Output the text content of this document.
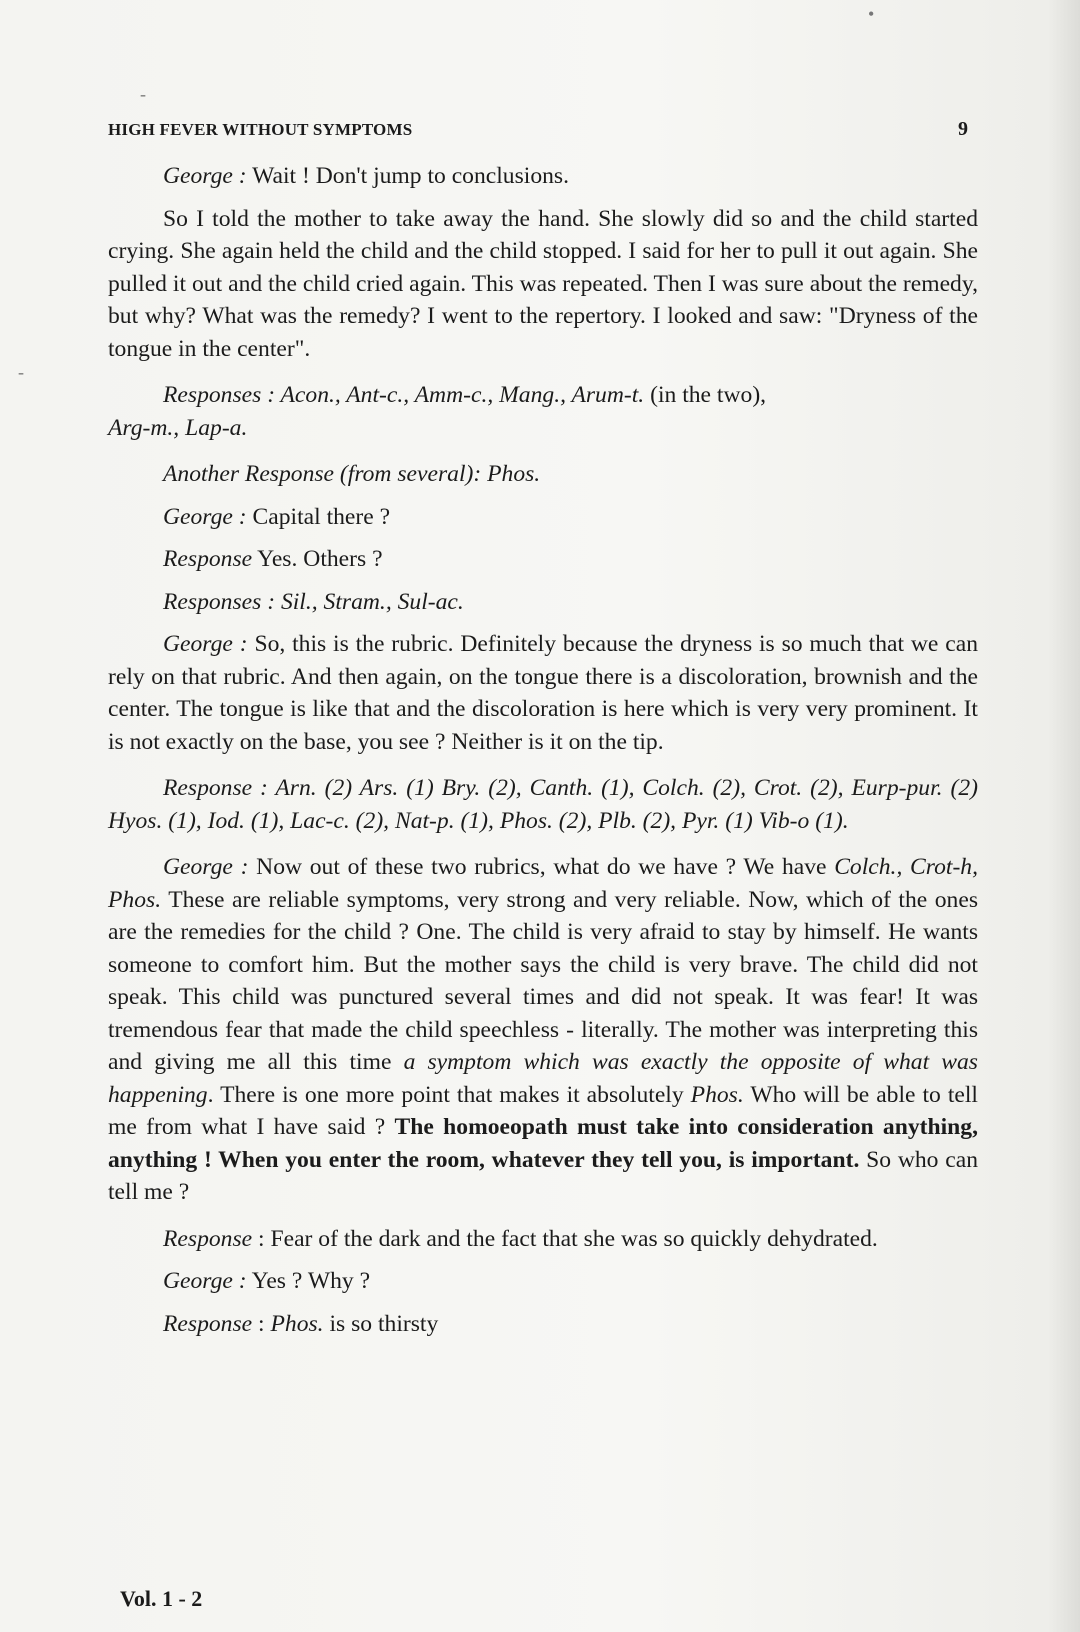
-
-
•
HIGH FEVER WITHOUT SYMPTOMS	9

George : Wait ! Don't jump to conclusions.

So I told the mother to take away the hand. She slowly did so and the child started crying. She again held the child and the child stopped. I said for her to pull it out again. She pulled it out and the child cried again. This was repeated. Then I was sure about the remedy, but why? What was the remedy? I went to the repertory. I looked and saw: "Dryness of the tongue in the center".

Responses : Acon., Ant-c., Amm-c., Mang., Arum-t. (in the two),

Arg-m., Lap-a.

Another Response (from several): Phos.

George : Capital there ?

Response Yes. Others ?

Responses : Sil., Stram., Sul-ac.

George : So, this is the rubric. Definitely because the dryness is so much that we can rely on that rubric. And then again, on the tongue there is a discoloration, brownish and the center. The tongue is like that and the discoloration is here which is very very prominent. It is not exactly on the base, you see ? Neither is it on the tip.

Response : Arn. (2) Ars. (1) Bry. (2), Canth. (1), Colch. (2), Crot. (2), Eurp-pur. (2) Hyos. (1), Iod. (1), Lac-c. (2), Nat-p. (1), Phos. (2), Plb. (2), Pyr. (1) Vib-o (1).

George : Now out of these two rubrics, what do we have ? We have Colch., Crot-h, Phos. These are reliable symptoms, very strong and very reliable. Now, which of the ones are the remedies for the child ? One. The child is very afraid to stay by himself. He wants someone to comfort him. But the mother says the child is very brave. The child did not speak. This child was punctured several times and did not speak. It was fear! It was tremendous fear that made the child speechless - literally. The mother was interpreting this and giving me all this time a symptom which was exactly the opposite of what was happening. There is one more point that makes it absolutely Phos. Who will be able to tell me from what I have said ? The homoeopath must take into consideration anything, anything ! When you enter the room, whatever they tell you, is important. So who can tell me ?

Response : Fear of the dark and the fact that she was so quickly dehydrated.

George : Yes ? Why ?

Response : Phos. is so thirsty

Vol. 1 - 2
